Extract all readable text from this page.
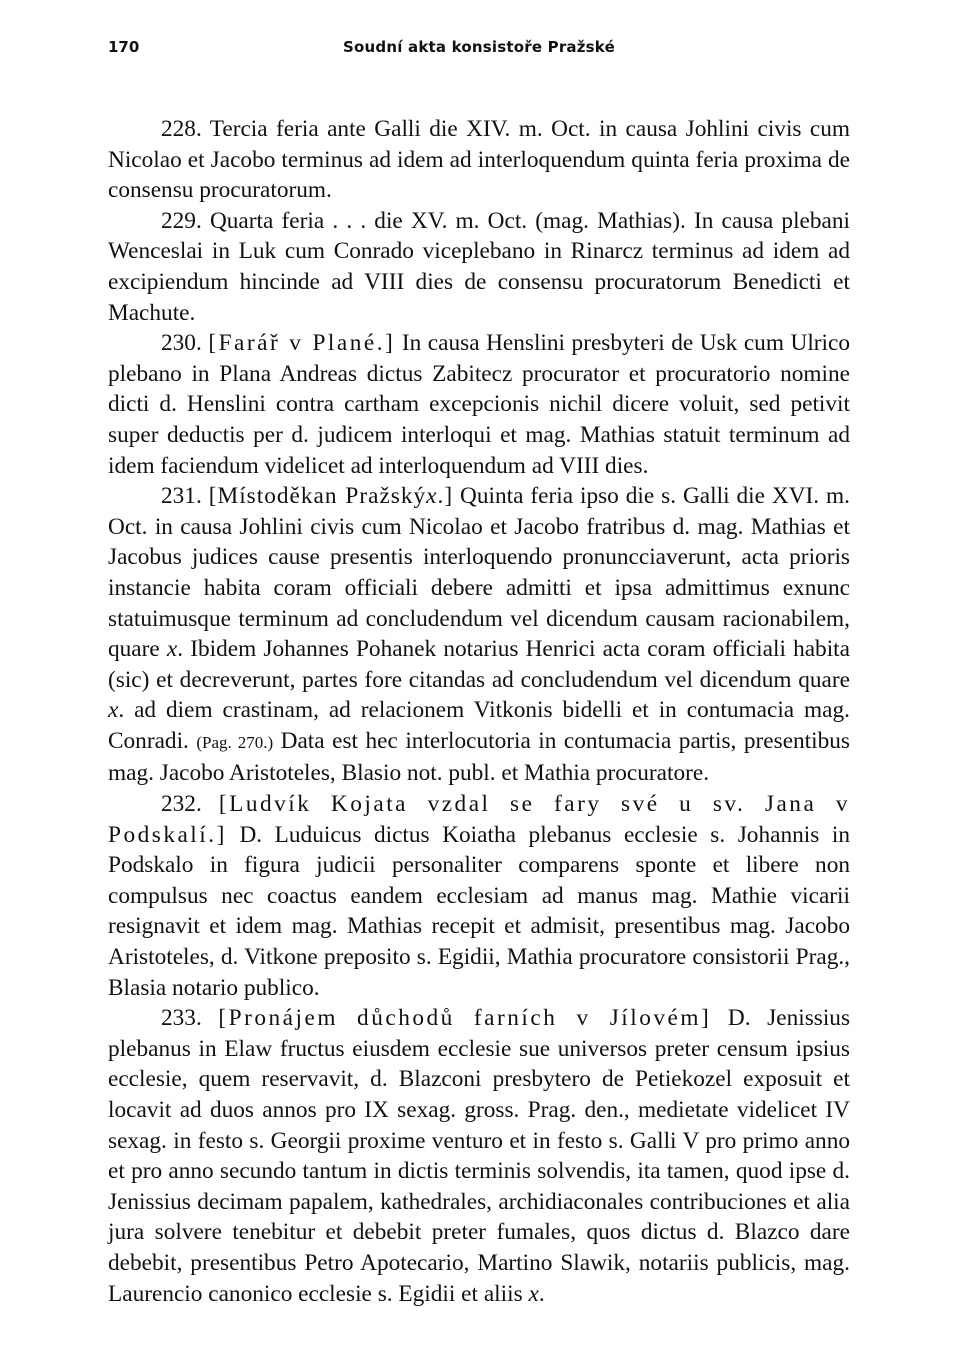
170	Soudní akta konsistoře Pražské

228. Tercia feria ante Galli die XIV. m. Oct. in causa Johlini civis cum Nicolao et Jacobo terminus ad idem ad interloquendum quinta feria proxima de consensu procuratorum.

229. Quarta feria . . . die XV. m. Oct. (mag. Mathias). In causa plebani Wenceslai in Luk cum Conrado viceplebano in Rinarcz terminus ad idem ad excipiendum hincinde ad VIII dies de consensu procuratorum Benedicti et Machute.

230. [Farář v Plané.] In causa Henslini presbyteri de Usk cum Ulrico plebano in Plana Andreas dictus Zabitecz procurator et procuratorio nomine dicti d. Henslini contra cartham excepcionis nichil dicere voluit, sed petivit super deductis per d. judicem interloqui et mag. Mathias statuit terminum ad idem faciendum videlicet ad interloquendum ad VIII dies.

231. [Místoděkan Pražskýx.] Quinta feria ipso die s. Galli die XVI. m. Oct. in causa Johlini civis cum Nicolao et Jacobo fratribus d. mag. Mathias et Jacobus judices cause presentis interloquendo pronuncciaverunt, acta prioris instancie habita coram officiali debere admitti et ipsa admittimus exnunc statuimusque terminum ad concludendum vel dicendum causam racionabilem, quare x. Ibidem Johannes Pohanek notarius Henrici acta coram officiali habita (sic) et decreverunt, partes fore citandas ad concludendum vel dicendum quare x. ad diem crastinam, ad relacionem Vitkonis bidelli et in contumacia mag. Conradi. (Pag. 270.) Data est hec interlocutoria in contumacia partis, presentibus mag. Jacobo Aristoteles, Blasio not. publ. et Mathia procuratore.

232. [Ludvík Kojata vzdal se fary své u sv. Jana v Podskalí.] D. Luduicus dictus Koiatha plebanus ecclesie s. Johannis in Podskalo in figura judicii personaliter comparens sponte et libere non compulsus nec coactus eandem ecclesiam ad manus mag. Mathie vicarii resignavit et idem mag. Mathias recepit et admisit, presentibus mag. Jacobo Aristoteles, d. Vitkone preposito s. Egidii, Mathia procuratore consistorii Prag., Blasia notario publico.

233. [Pronájem důchodů farních v Jílovém] D. Jenissius plebanus in Elaw fructus eiusdem ecclesie sue universos preter censum ipsius ecclesie, quem reservavit, d. Blazconi presbytero de Petiekozel exposuit et locavit ad duos annos pro IX sexag. gross. Prag. den., medietate videlicet IV sexag. in festo s. Georgii proxime venturo et in festo s. Galli V pro primo anno et pro anno secundo tantum in dictis terminis solvendis, ita tamen, quod ipse d. Jenissius decimam papalem, kathedrales, archidiaconales contribuciones et alia jura solvere tenebitur et debebit preter fumales, quos dictus d. Blazco dare debebit, presentibus Petro Apotecario, Martino Slawik, notariis publicis, mag. Laurencio canonico ecclesie s. Egidii et aliis x.
